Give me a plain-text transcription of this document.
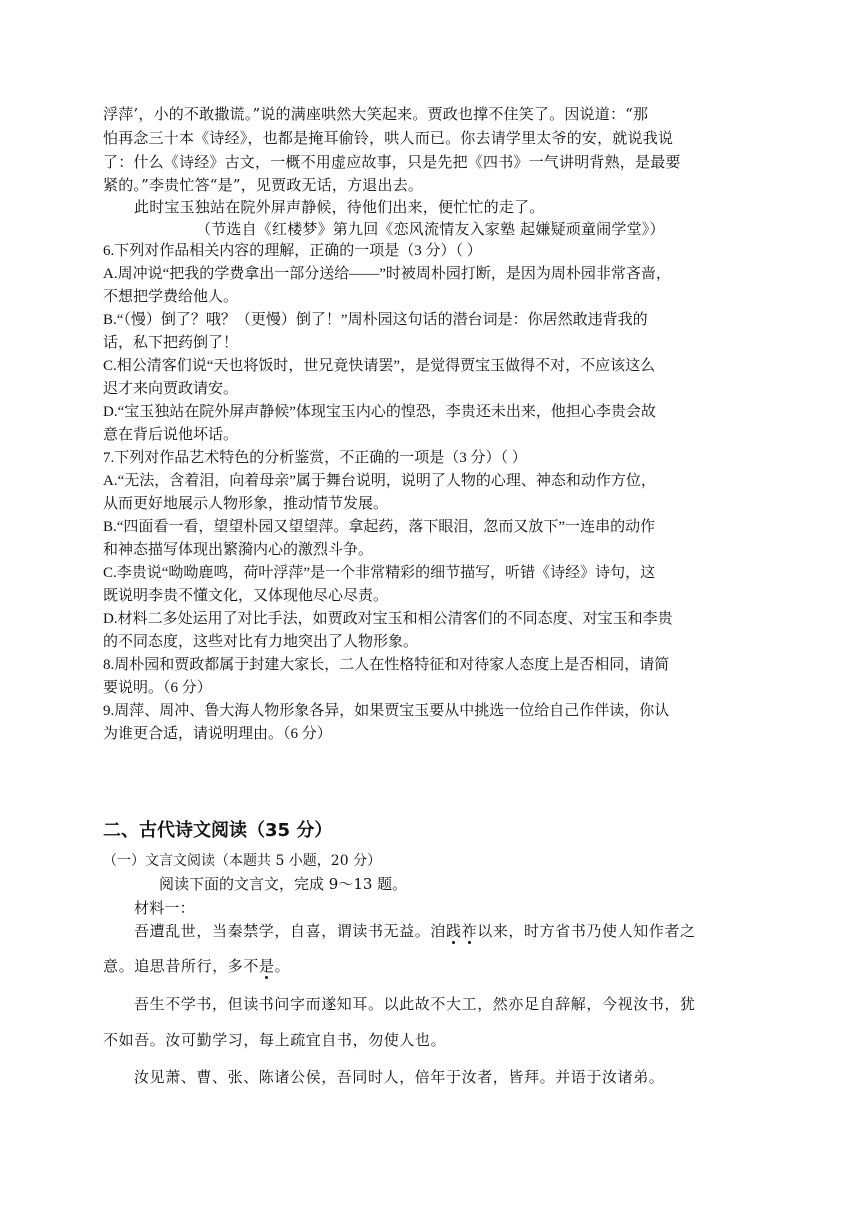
浮萍’，小的不敢撒谎。”说的满座哄然大笑起来。贾政也撑不住笑了。因说道：“那
怕再念三十本《诗经》，也都是掩耳偷铃，哄人而已。你去请学里太爷的安，就说我说
了：什么《诗经》古文，一概不用虚应故事，只是先把《四书》一气讲明背熟，是最要
紧的。”李贵忙答“是”，见贾政无话，方退出去。
此时宝玉独站在院外屏声静候，待他们出来，便忙忙的走了。
（节选自《红楼梦》第九回《恋风流情友入家塾 起嫌疑顽童闹学堂》）
6.下列对作品相关内容的理解，正确的一项是（3 分）（ ）
A.周冲说“把我的学费拿出一部分送给——”时被周朴园打断，是因为周朴园非常吝啬，
不想把学费给他人。
B.“（慢）倒了？哦？（更慢）倒了！”周朴园这句话的潜台词是：你居然敢违背我的
话，私下把药倒了！
C.相公清客们说“天也将饭时，世兄竟快请罢”，是觉得贾宝玉做得不对，不应该这么
迟才来向贾政请安。
D.“宝玉独站在院外屏声静候”体现宝玉内心的惶恐，李贵还未出来，他担心李贵会故
意在背后说他坏话。
7.下列对作品艺术特色的分析鉴赏，不正确的一项是（3 分）（ ）
A.“无法，含着泪，向着母亲”属于舞台说明，说明了人物的心理、神态和动作方位，
从而更好地展示人物形象，推动情节发展。
B.“四面看一看，望望朴园又望望萍。拿起药，落下眼泪，忽而又放下”一连串的动作
和神态描写体现出繁漪内心的激烈斗争。
C.李贵说“呦呦鹿鸣，荷叶浮萍”是一个非常精彩的细节描写，听错《诗经》诗句，这
既说明李贵不懂文化，又体现他尽心尽责。
D.材料二多处运用了对比手法，如贾政对宝玉和相公清客们的不同态度、对宝玉和李贵
的不同态度，这些对比有力地突出了人物形象。
8.周朴园和贾政都属于封建大家长，二人在性格特征和对待家人态度上是否相同，请简
要说明。（6 分）
9.周萍、周冲、鲁大海人物形象各异，如果贾宝玉要从中挑选一位给自己作伴读，你认
为谁更合适，请说明理由。（6 分）
二、古代诗文阅读（35 分）
（一）文言文阅读（本题共 5 小题，20 分）
阅读下面的文言文，完成 9～13 题。
材料一：
吾遭乱世，当秦禁学，自喜，谓读书无益。洎践祚以来，时方省书乃使人知作者之
意。追思昔所行，多不是。
吾生不学书，但读书问字而遂知耳。以此故不大工，然亦足自辞解，今视汝书，犹
不如吾。汝可勤学习，每上疏宜自书，勿使人也。
汝见萧、曹、张、陈诸公侯，吾同时人，倍年于汝者，皆拜。并语于汝诸弟。
